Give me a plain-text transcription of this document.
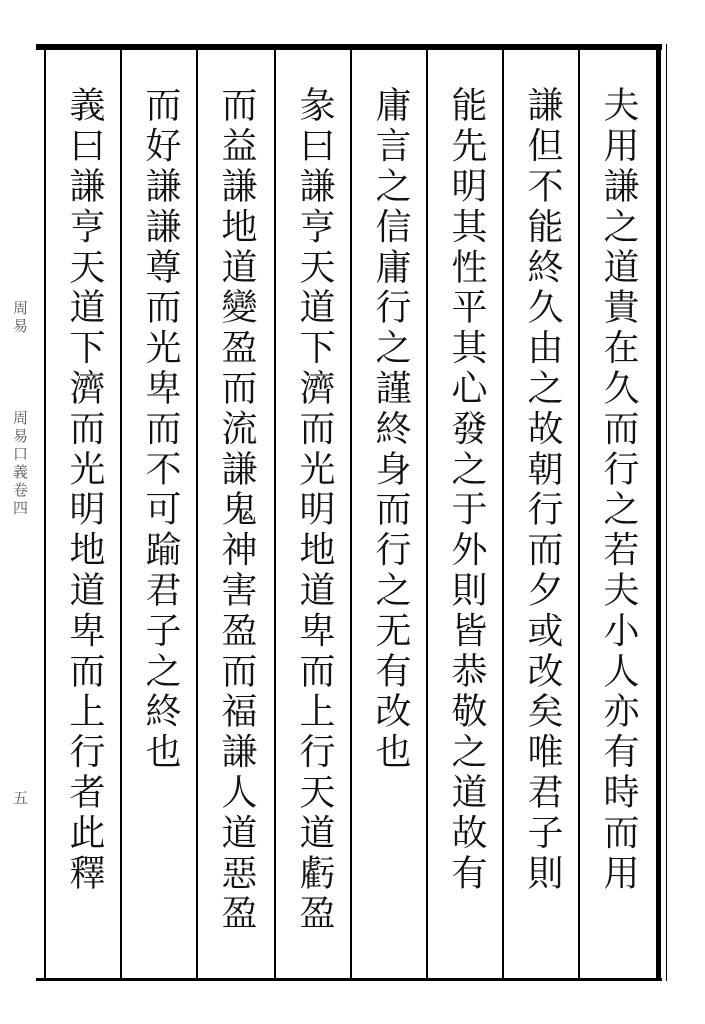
夫用謙之道貴在久而行之若夫小人亦有時而用
謙但不能終久由之故朝行而夕或改矣唯君子則
能先明其性平其心發之于外則皆恭敬之道故有
庸言之信庸行之謹終身而行之无有改也
彖曰謙亨天道下濟而光明地道卑而上行天道虧盈
而益謙地道變盈而流謙鬼神害盈而福謙人道惡盈
而好謙謙尊而光卑而不可踰君子之終也
義曰謙亨天道下濟而光明地道卑而上行者此釋
周易
周易口義卷四
五
